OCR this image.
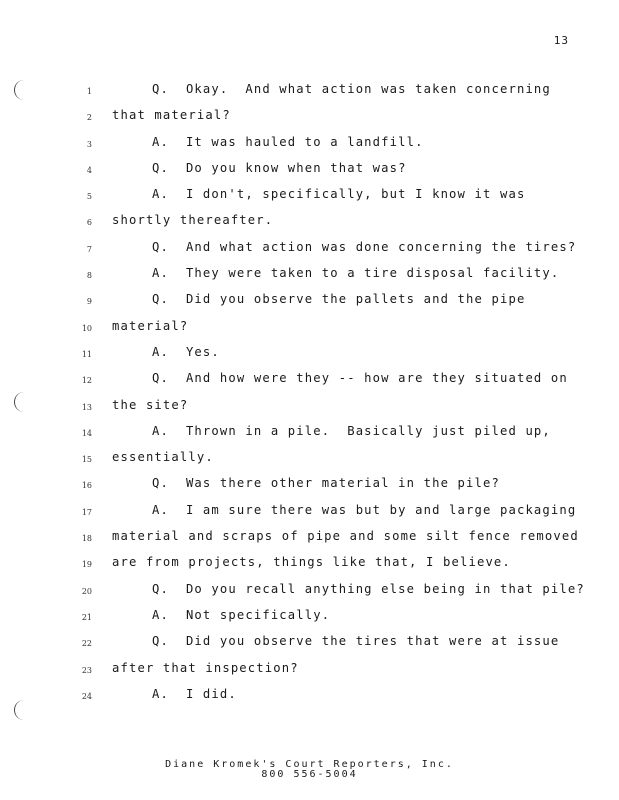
13
1	Q.  Okay.  And what action was taken concerning
2 that material?
3	A.  It was hauled to a landfill.
4	Q.  Do you know when that was?
5	A.  I don't, specifically, but I know it was
6 shortly thereafter.
7	Q.  And what action was done concerning the tires?
8	A.  They were taken to a tire disposal facility.
9	Q.  Did you observe the pallets and the pipe
10 material?
11	A.  Yes.
12	Q.  And how were they -- how are they situated on
13 the site?
14	A.  Thrown in a pile.  Basically just piled up,
15 essentially.
16	Q.  Was there other material in the pile?
17	A.  I am sure there was but by and large packaging
18 material and scraps of pipe and some silt fence removed
19 are from projects, things like that, I believe.
20	Q.  Do you recall anything else being in that pile?
21	A.  Not specifically.
22	Q.  Did you observe the tires that were at issue
23 after that inspection?
24	A.  I did.
Diane Kromek's Court Reporters, Inc.
800 556-5004
